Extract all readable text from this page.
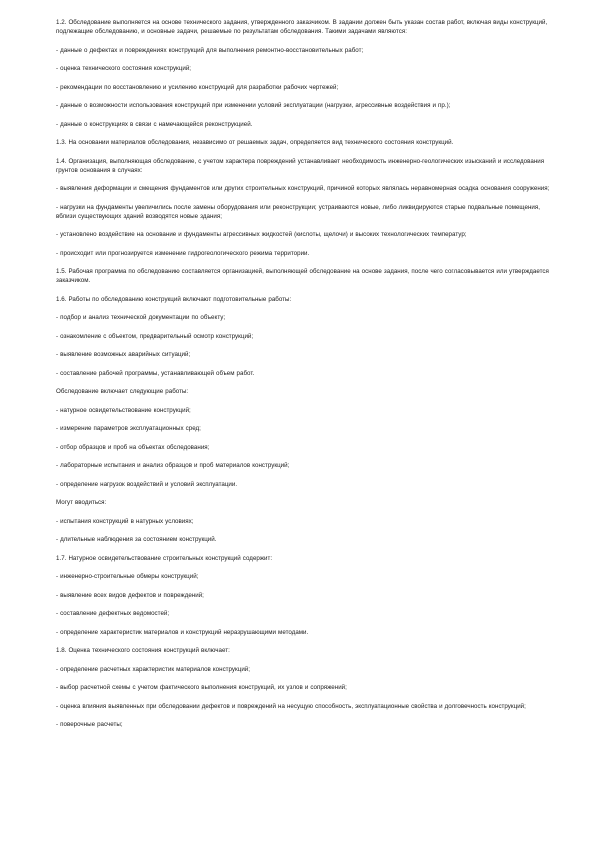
1.2. Обследование выполняется на основе технического задания, утвержденного заказчиком. В задании должен быть указан состав работ, включая виды конструкций, подлежащие обследованию, и основные задачи, решаемые по результатам обследования. Такими задачами являются:

- данные о дефектах и повреждениях конструкций для выполнения ремонтно-восстановительных работ;

- оценка технического состояния конструкций;

- рекомендации по восстановлению и усилению конструкций для разработки рабочих чертежей;

- данные о возможности использования конструкций при изменении условий эксплуатации (нагрузки, агрессивные воздействия и пр.);

- данные о конструкциях в связи с намечающейся реконструкцией.

1.3. На основании материалов обследования, независимо от решаемых задач, определяется вид технического состояния конструкций.

1.4. Организация, выполняющая обследование, с учетом характера повреждений устанавливает необходимость инженерно-геологических изысканий и исследования грунтов основания в случаях:

- выявления деформации и смещения фундаментов или других строительных конструкций, причиной которых являлась неравномерная осадка основания сооружения;

- нагрузки на фундаменты увеличились после замены оборудования или реконструкции; устраиваются новые, либо ликвидируются старые подвальные помещения, вблизи существующих зданий возводятся новые здания;

- установлено воздействие на основание и фундаменты агрессивных жидкостей (кислоты, щелочи) и высоких технологических температур;

- происходит или прогнозируется изменение гидрогеологического режима территории.

1.5. Рабочая программа по обследованию составляется организацией, выполняющей обследование на основе задания, после чего согласовывается или утверждается заказчиком.

1.6. Работы по обследованию конструкций включают подготовительные работы:

- подбор и анализ технической документации по объекту;

- ознакомление с объектом, предварительный осмотр конструкций;

- выявление возможных аварийных ситуаций;

- составление рабочей программы, устанавливающей объем работ.

Обследование включает следующие работы:

- натурное освидетельствование конструкций;

- измерение параметров эксплуатационных сред;

- отбор образцов и проб на объектах обследования;

- лабораторные испытания и анализ образцов и проб материалов конструкций;

- определение нагрузок воздействий и условий эксплуатации.

Могут вводиться:

- испытания конструкций в натурных условиях;

- длительные наблюдения за состоянием конструкций.

1.7. Натурное освидетельствование строительных конструкций содержит:

- инженерно-строительные обмеры конструкций;

- выявление всех видов дефектов и повреждений;

- составление дефектных ведомостей;

- определение характеристик материалов и конструкций неразрушающими методами.

1.8. Оценка технического состояния конструкций включает:

- определение расчетных характеристик материалов конструкций;

- выбор расчетной схемы с учетом фактического выполнения конструкций, их узлов и сопряжений;

- оценка влияния выявленных при обследовании дефектов и повреждений на несущую способность, эксплуатационные свойства и долговечность конструкций;

- поверочные расчеты;
